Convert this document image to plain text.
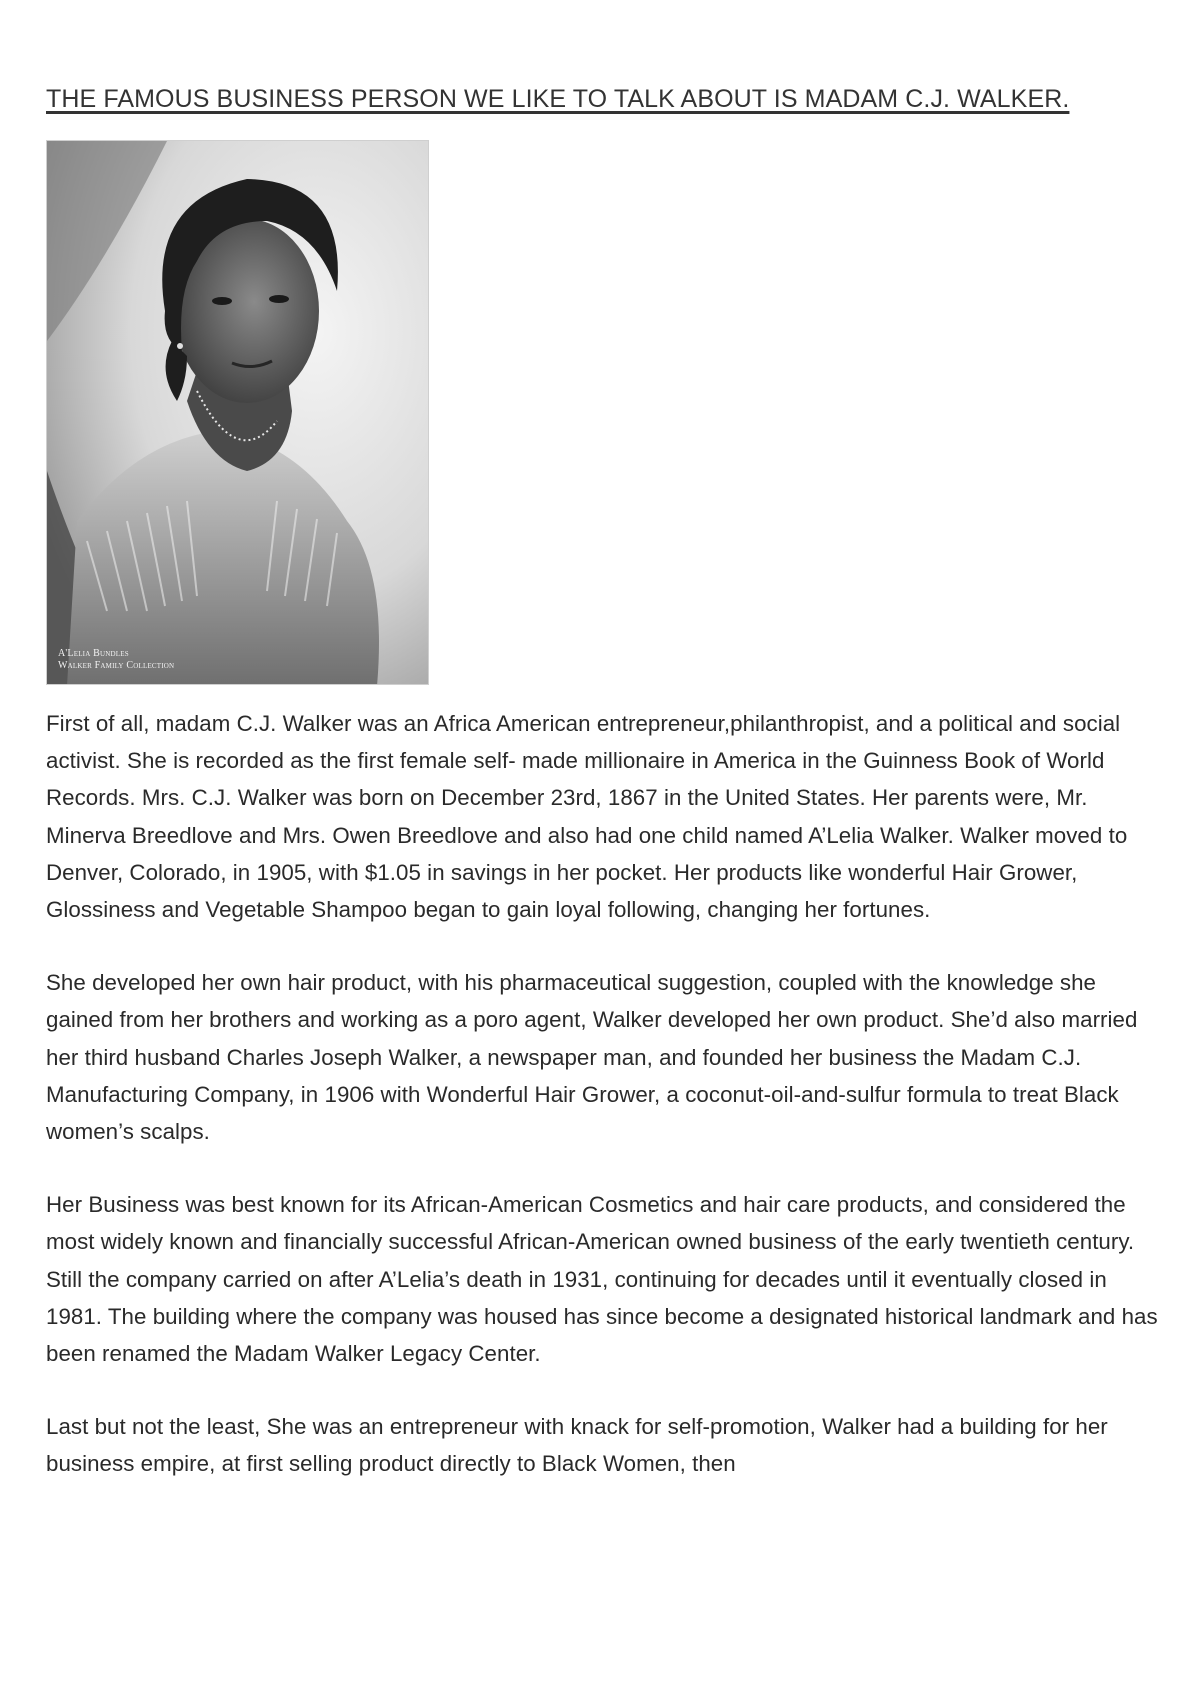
THE FAMOUS BUSINESS PERSON WE LIKE TO TALK ABOUT IS MADAM C.J. WALKER.
A'Lelia Bundles
Walker Family Collection

First of all, madam C.J. Walker was an Africa American entrepreneur,philanthropist, and a political and social activist. She is recorded as the first female self- made millionaire in America in the Guinness Book of World Records. Mrs. C.J. Walker was born on December 23rd, 1867 in the United States. Her parents were, Mr. Minerva Breedlove and Mrs. Owen Breedlove and also had one child named A’Lelia Walker. Walker moved to Denver, Colorado, in 1905, with $1.05 in savings in her pocket. Her products like wonderful Hair Grower, Glossiness and Vegetable Shampoo began to gain loyal following, changing her fortunes.

She developed her own hair product, with his pharmaceutical suggestion, coupled with the knowledge she gained from her brothers and working as a poro agent, Walker developed her own product. She’d also married her third husband Charles Joseph Walker, a newspaper man, and founded her business the Madam C.J. Manufacturing Company, in 1906 with Wonderful Hair Grower, a coconut-oil-and-sulfur formula to treat Black women’s scalps.

Her Business was best known for its African-American Cosmetics and hair care products, and considered the most widely known and financially successful African-American owned business of the early twentieth century. Still the company carried on after A’Lelia’s death in 1931, continuing for decades until it eventually closed in 1981. The building where the company was housed has since become a designated historical landmark and has been renamed the Madam Walker Legacy Center.

Last but not the least, She was an entrepreneur with knack for self-promotion, Walker had a building for her business empire, at first selling product directly to Black Women, then
